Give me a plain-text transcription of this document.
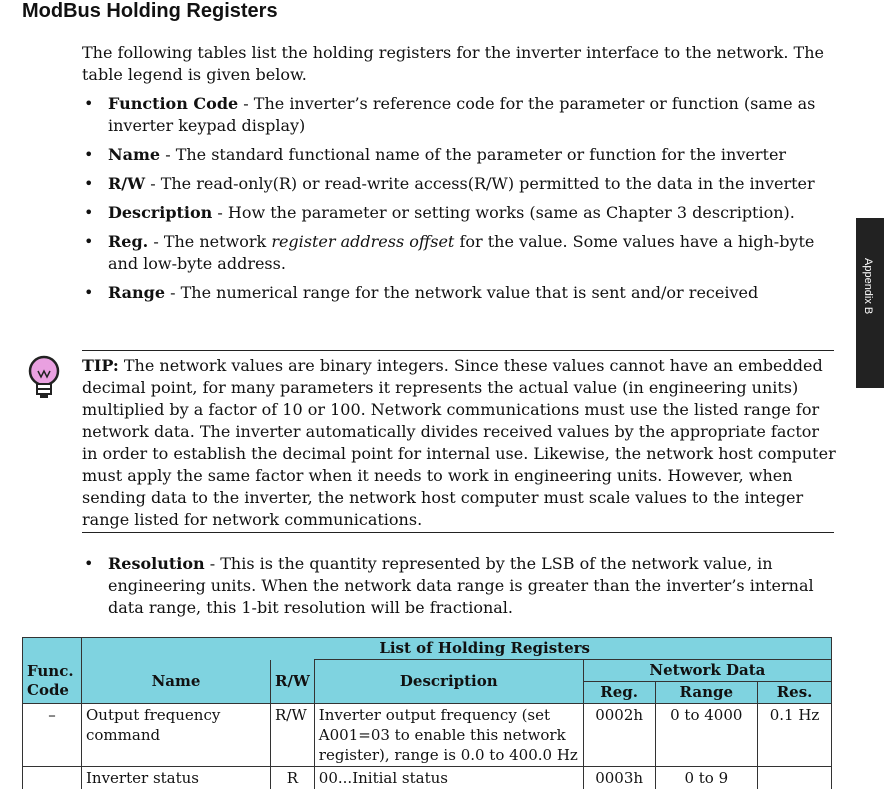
ModBus Holding Registers
The following tables list the holding registers for the inverter interface to the network. The table legend is given below.
• Function Code - The inverter’s reference code for the parameter or function (same as inverter keypad display)
• Name - The standard functional name of the parameter or function for the inverter
• R/W - The read-only(R) or read-write access(R/W) permitted to the data in the inverter
• Description - How the parameter or setting works (same as Chapter 3 description).
• Reg. - The network register address offset for the value. Some values have a high-byte and low-byte address.
• Range - The numerical range for the network value that is sent and/or received
TIP: The network values are binary integers. Since these values cannot have an embedded decimal point, for many parameters it represents the actual value (in engineering units) multiplied by a factor of 10 or 100. Network communications must use the listed range for network data. The inverter automatically divides received values by the appropriate factor in order to establish the decimal point for internal use. Likewise, the network host computer must apply the same factor when it needs to work in engineering units. However, when sending data to the inverter, the network host computer must scale values to the integer range listed for network communications.
• Resolution - This is the quantity represented by the LSB of the network value, in engineering units. When the network data range is greater than the inverter’s internal data range, this 1-bit resolution will be fractional.
Appendix B
			List of Holding Registers			
Func. Code	Name	R/W	Description	Network Data		
				Reg.	Range	Res.
–	Output frequency command	R/W	Inverter output frequency (set A001=03 to enable this network register), range is 0.0 to 400.0 Hz	0002h	0 to 4000	0.1 Hz
	Inverter status	R	00...Initial status	0003h	0 to 9	
